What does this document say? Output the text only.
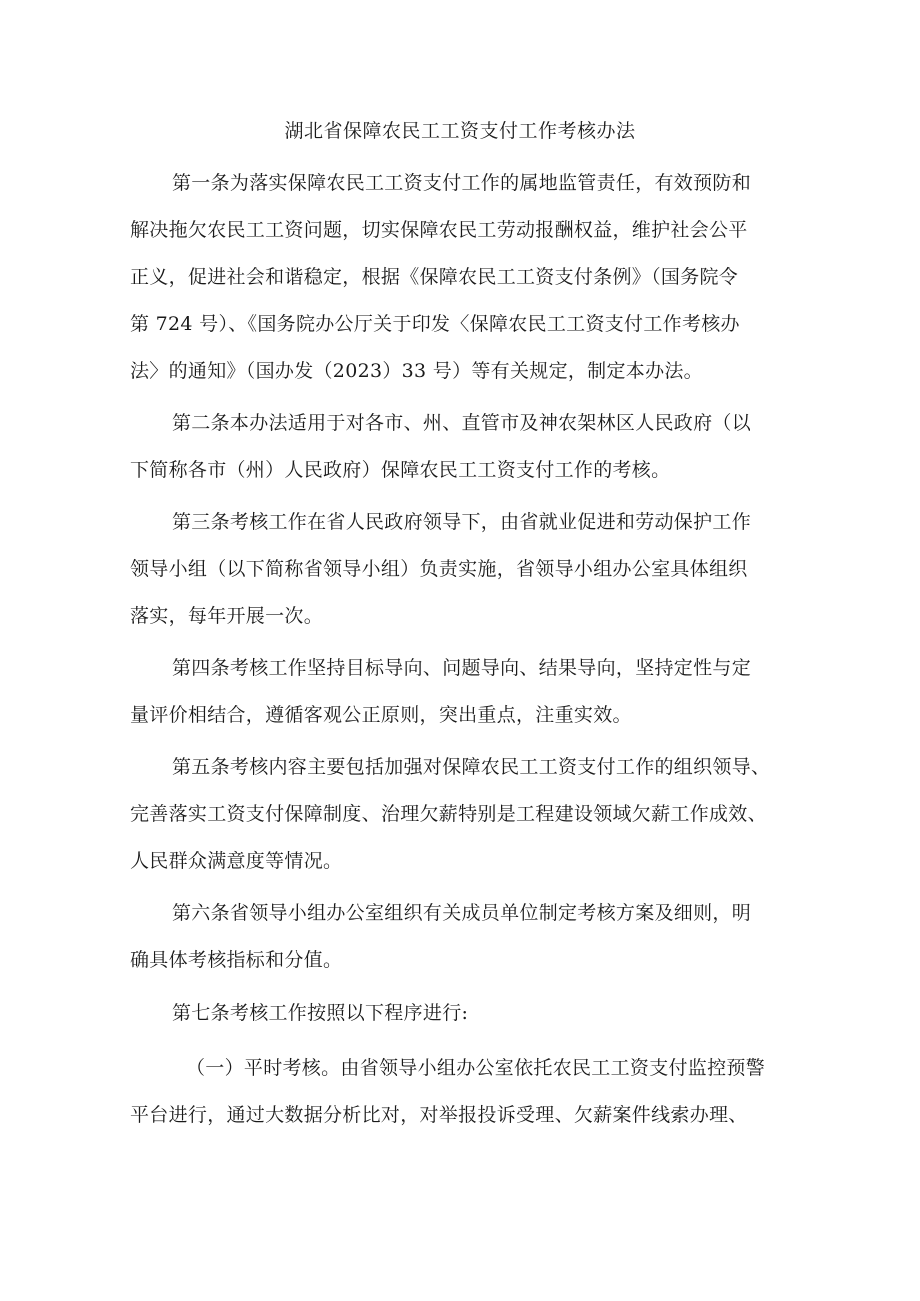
湖北省保障农民工工资支付工作考核办法
第一条为落实保障农民工工资支付工作的属地监管责任，有效预防和
解决拖欠农民工工资问题，切实保障农民工劳动报酬权益，维护社会公平
正义，促进社会和谐稳定，根据《保障农民工工资支付条例》（国务院令
第 724 号）、《国务院办公厅关于印发〈保障农民工工资支付工作考核办
法〉的通知》（国办发（2023）33 号）等有关规定，制定本办法。
第二条本办法适用于对各市、州、直管市及神农架林区人民政府（以
下简称各市（州）人民政府）保障农民工工资支付工作的考核。
第三条考核工作在省人民政府领导下，由省就业促进和劳动保护工作
领导小组（以下简称省领导小组）负责实施，省领导小组办公室具体组织
落实，每年开展一次。
第四条考核工作坚持目标导向、问题导向、结果导向，坚持定性与定
量评价相结合，遵循客观公正原则，突出重点，注重实效。
第五条考核内容主要包括加强对保障农民工工资支付工作的组织领导、
完善落实工资支付保障制度、治理欠薪特别是工程建设领域欠薪工作成效、
人民群众满意度等情况。
第六条省领导小组办公室组织有关成员单位制定考核方案及细则，明
确具体考核指标和分值。
第七条考核工作按照以下程序进行:
（一）平时考核。由省领导小组办公室依托农民工工资支付监控预警
平台进行，通过大数据分析比对，对举报投诉受理、欠薪案件线索办理、
